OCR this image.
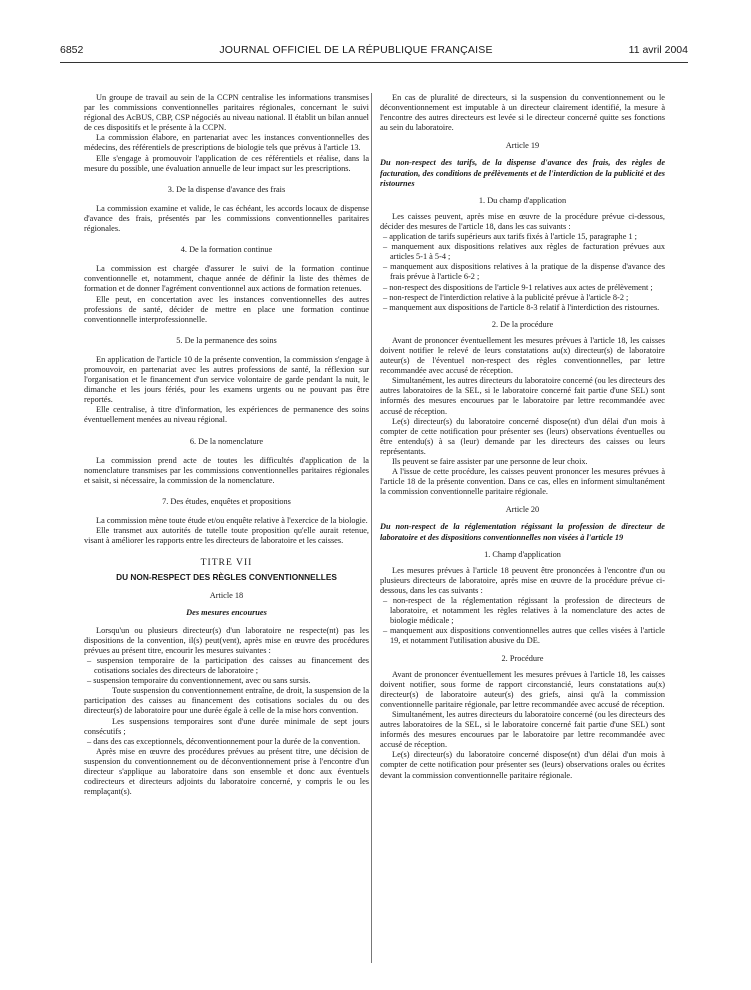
6852	JOURNAL OFFICIEL DE LA RÉPUBLIQUE FRANÇAISE	11 avril 2004

Un groupe de travail au sein de la CCPN centralise les informations transmises par les commissions conventionnelles paritaires régionales, concernant le suivi régional des AcBUS, CBP, CSP négociés au niveau national. Il établit un bilan annuel de ces dispositifs et le présente à la CCPN.

La commission élabore, en partenariat avec les instances conventionnelles des médecins, des référentiels de prescriptions de biologie tels que prévus à l'article 13.

Elle s'engage à promouvoir l'application de ces référentiels et réalise, dans la mesure du possible, une évaluation annuelle de leur impact sur les prescriptions.

3. De la dispense d'avance des frais

La commission examine et valide, le cas échéant, les accords locaux de dispense d'avance des frais, présentés par les commissions conventionnelles paritaires régionales.

4. De la formation continue

La commission est chargée d'assurer le suivi de la formation continue conventionnelle et, notamment, chaque année de définir la liste des thèmes de formation et de donner l'agrément conventionnel aux actions de formation retenues.

Elle peut, en concertation avec les instances conventionnelles des autres professions de santé, décider de mettre en place une formation continue conventionnelle interprofessionnelle.

5. De la permanence des soins

En application de l'article 10 de la présente convention, la commission s'engage à promouvoir, en partenariat avec les autres professions de santé, la réflexion sur l'organisation et le financement d'un service volontaire de garde pendant la nuit, le dimanche et les jours fériés, pour les examens urgents ou ne pouvant pas être reportés.

Elle centralise, à titre d'information, les expériences de permanence des soins éventuellement menées au niveau régional.

6. De la nomenclature

La commission prend acte de toutes les difficultés d'application de la nomenclature transmises par les commissions conventionnelles paritaires régionales et saisit, si nécessaire, la commission de la nomenclature.

7. Des études, enquêtes et propositions

La commission mène toute étude et/ou enquête relative à l'exercice de la biologie.

Elle transmet aux autorités de tutelle toute proposition qu'elle aurait retenue, visant à améliorer les rapports entre les directeurs de laboratoire et les caisses.

TITRE VII
DU NON-RESPECT DES RÈGLES CONVENTIONNELLES
Article 18
Des mesures encourues

Lorsqu'un ou plusieurs directeur(s) d'un laboratoire ne respecte(nt) pas les dispositions de la convention, il(s) peut(vent), après mise en œuvre des procédures prévues au présent titre, encourir les mesures suivantes :

– suspension temporaire de la participation des caisses au financement des cotisations sociales des directeurs de laboratoire ;

– suspension temporaire du conventionnement, avec ou sans sursis.

Toute suspension du conventionnement entraîne, de droit, la suspension de la participation des caisses au financement des cotisations sociales du ou des directeur(s) de laboratoire pour une durée égale à celle de la mise hors convention.

Les suspensions temporaires sont d'une durée minimale de sept jours consécutifs ;

– dans des cas exceptionnels, déconventionnement pour la durée de la convention.

Après mise en œuvre des procédures prévues au présent titre, une décision de suspension du conventionnement ou de déconventionnement prise à l'encontre d'un directeur s'applique au laboratoire dans son ensemble et donc aux éventuels codirecteurs et directeurs adjoints du laboratoire concerné, y compris le ou les remplaçant(s).

En cas de pluralité de directeurs, si la suspension du conventionnement ou le déconventionnement est imputable à un directeur clairement identifié, la mesure à l'encontre des autres directeurs est levée si le directeur concerné quitte ses fonctions au sein du laboratoire.

Article 19

Du non-respect des tarifs, de la dispense d'avance des frais, des règles de facturation, des conditions de prélèvements et de l'interdiction de la publicité et des ristournes

1. Du champ d'application

Les caisses peuvent, après mise en œuvre de la procédure prévue ci-dessous, décider des mesures de l'article 18, dans les cas suivants :

– application de tarifs supérieurs aux tarifs fixés à l'article 15, paragraphe 1 ;

– manquement aux dispositions relatives aux règles de facturation prévues aux articles 5-1 à 5-4 ;

– manquement aux dispositions relatives à la pratique de la dispense d'avance des frais prévue à l'article 6-2 ;

– non-respect des dispositions de l'article 9-1 relatives aux actes de prélèvement ;

– non-respect de l'interdiction relative à la publicité prévue à l'article 8-2 ;

– manquement aux dispositions de l'article 8-3 relatif à l'interdiction des ristournes.

2. De la procédure

Avant de prononcer éventuellement les mesures prévues à l'article 18, les caisses doivent notifier le relevé de leurs constatations au(x) directeur(s) de laboratoire auteur(s) de l'éventuel non-respect des règles conventionnelles, par lettre recommandée avec accusé de réception.

Simultanément, les autres directeurs du laboratoire concerné (ou les directeurs des autres laboratoires de la SEL, si le laboratoire concerné fait partie d'une SEL) sont informés des mesures encourues par le laboratoire par lettre recommandée avec accusé de réception.

Le(s) directeur(s) du laboratoire concerné dispose(nt) d'un délai d'un mois à compter de cette notification pour présenter ses (leurs) observations éventuelles ou être entendu(s) à sa (leur) demande par les directeurs des caisses ou leurs représentants.

Ils peuvent se faire assister par une personne de leur choix.

A l'issue de cette procédure, les caisses peuvent prononcer les mesures prévues à l'article 18 de la présente convention. Dans ce cas, elles en informent simultanément la commission conventionnelle paritaire régionale.

Article 20

Du non-respect de la réglementation régissant la profession de directeur de laboratoire et des dispositions conventionnelles non visées à l'article 19

1. Champ d'application

Les mesures prévues à l'article 18 peuvent être prononcées à l'encontre d'un ou plusieurs directeurs de laboratoire, après mise en œuvre de la procédure prévue ci-dessous, dans les cas suivants :

– non-respect de la réglementation régissant la profession de directeurs de laboratoire, et notamment les règles relatives à la nomenclature des actes de biologie médicale ;

– manquement aux dispositions conventionnelles autres que celles visées à l'article 19, et notamment l'utilisation abusive du DE.

2. Procédure

Avant de prononcer éventuellement les mesures prévues à l'article 18, les caisses doivent notifier, sous forme de rapport circonstancié, leurs constatations au(x) directeur(s) de laboratoire auteur(s) des griefs, ainsi qu'à la commission conventionnelle paritaire régionale, par lettre recommandée avec accusé de réception.

Simultanément, les autres directeurs du laboratoire concerné (ou les directeurs des autres laboratoires de la SEL, si le laboratoire concerné fait partie d'une SEL) sont informés des mesures encourues par le laboratoire par lettre recommandée avec accusé de réception.

Le(s) directeur(s) du laboratoire concerné dispose(nt) d'un délai d'un mois à compter de cette notification pour présenter ses (leurs) observations orales ou écrites devant la commission conventionnelle paritaire régionale.
